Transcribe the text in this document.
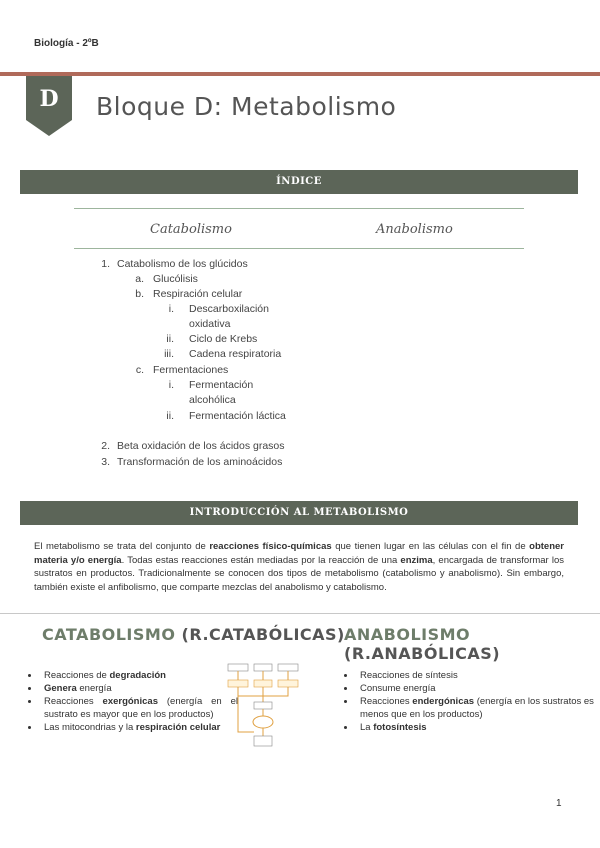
Biología - 2ºB
D	Bloque D: Metabolismo
ÍNDICE
Catabolismo	Anabolismo
1. Catabolismo de los glúcidos
a. Glucólisis
b. Respiración celular
i. Descarboxilación
oxidativa
ii. Ciclo de Krebs
iii. Cadena respiratoria
c. Fermentaciones
i. Fermentación
alcohólica
ii. Fermentación láctica
2. Beta oxidación de los ácidos grasos
3. Transformación de los aminoácidos
INTRODUCCIÓN AL METABOLISMO
El metabolismo se trata del conjunto de reacciones físico-químicas que tienen lugar en las células con el fin de obtener materia y/o energía. Todas estas reacciones están mediadas por la reacción de una enzima, encargada de transformar los sustratos en productos. Tradicionalmente se conocen dos tipos de metabolismo (catabolismo y anabolismo). Sin embargo, también existe el anfibolismo, que comparte mezclas del anabolismo y catabolismo.
CATABOLISMO (R.CATABÓLICAS) ANABOLISMO (R.ANABÓLICAS)
• Reacciones de degradación
• Genera energía
• Reacciones exergónicas (energía en el sustrato es mayor que en los productos)
• Las mitocondrias y la respiración celular
• Reacciones de síntesis
• Consume energía
• Reacciones endergónicas (energía en los sustratos es menos que en los productos)
• La fotosíntesis
1
